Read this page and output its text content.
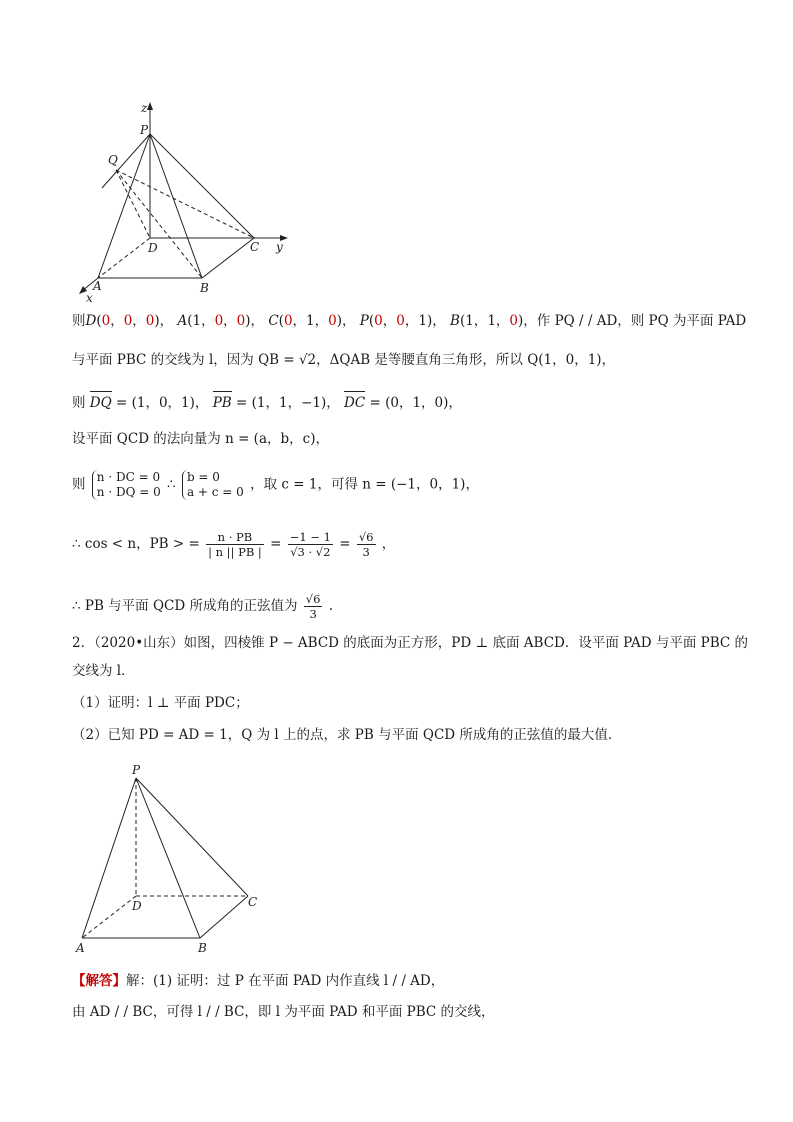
z
P
Q
D	C y
A
x
B
则D(0，0，0)， A(1，0，0)， C(0，1，0)， P(0，0，1)， B(1，1，0)，作 PQ / / AD，则 PQ 为平面 PAD
与平面 PBC 的交线为 l，因为 QB = √2，ΔQAB 是等腰直角三角形，所以 Q(1，0，1)，
则 DQ = (1，0，1)， PB = (1，1，−1)， DC = (0，1，0)，
设平面 QCD 的法向量为 n = (a，b，c)，
则 n · DC = 0
n · DQ = 0 ∴ b = 0
a + c = 0 ，取 c = 1，可得 n = (−1，0，1)，
∴ cos < n，PB > = $\frac{n \cdot PB}{| n || PB |} = \frac{-1 - 1}{√3 \cdot √2} = \frac{√6}{3}$ ，
∴ PB 与平面 QCD 所成角的正弦值为 $\frac{√6}{3}$ .
2．（2020•山东）如图，四棱锥 P − ABCD 的底面为正方形，PD ⊥ 底面 ABCD．设平面 PAD 与平面 PBC 的
交线为 l．
（1）证明：l ⊥ 平面 PDC；
（2）已知 PD = AD = 1，Q 为 l 上的点，求 PB 与平面 QCD 所成角的正弦值的最大值．
P
D	C
A	B
【解答】解：(1) 证明：过 P 在平面 PAD 内作直线 l / / AD，
由 AD / / BC，可得 l / / BC，即 l 为平面 PAD 和平面 PBC 的交线，
